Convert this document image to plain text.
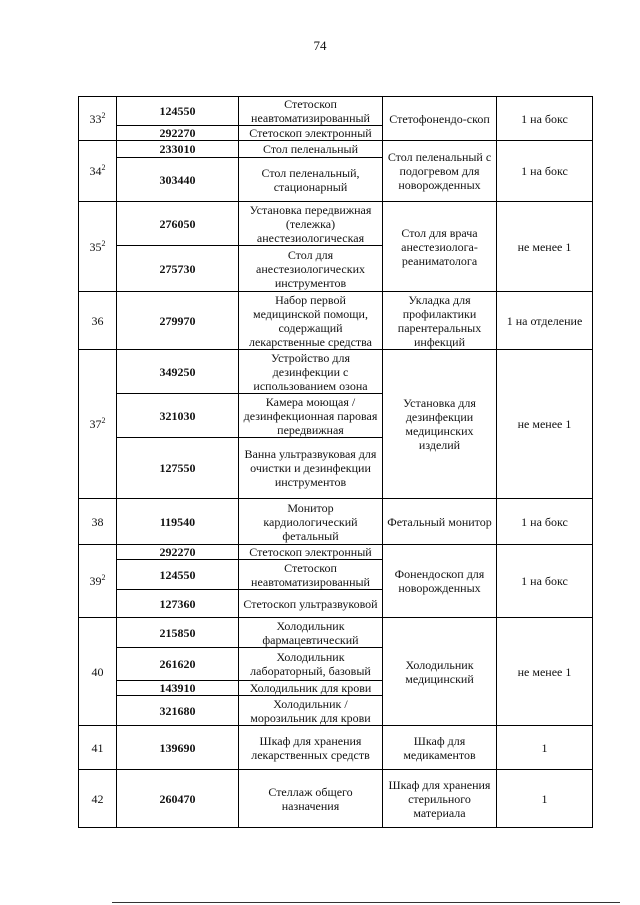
74
$33^2$	124550	Стетоскоп неавтоматизированный	Стетофонендо-скоп	1 на бокс
	292270	Стетоскоп электронный		
$34^2$	233010	Стол пеленальный	Стол пеленальный с подогревом для новорожденных	1 на бокс
	303440	Стол пеленальный, стационарный		
$35^2$	276050	Установка передвижная (тележка) анестезиологическая	Стол для врача анестезиолога-реаниматолога	не менее 1
	275730	Стол для анестезиологических инструментов		
36	279970	Набор первой медицинской помощи, содержащий лекарственные средства	Укладка для профилактики парентеральных инфекций	1 на отделение
$37^2$	349250	Устройство для дезинфекции с использованием озона	Установка для дезинфекции медицинских изделий	не менее 1
	321030	Камера моющая /дезинфекционная паровая передвижная		
	127550	Ванна ультразвуковая для очистки и дезинфекции инструментов		
38	119540	Монитор кардиологический фетальный	Фетальный монитор	1 на бокс
$39^2$	292270	Стетоскоп электронный	Фонендоскоп для новорожденных	1 на бокс
	124550	Стетоскоп неавтоматизированный		
	127360	Стетоскоп ультразвуковой		
40	215850	Холодильник фармацевтический	Холодильник медицинский	не менее 1
	261620	Холодильник лабораторный, базовый		
	143910	Холодильник для крови		
	321680	Холодильник /морозильник для крови		
41	139690	Шкаф для хранения лекарственных средств	Шкаф для медикаментов	1
42	260470	Стеллаж общего назначения	Шкаф для хранения стерильного материала	1
